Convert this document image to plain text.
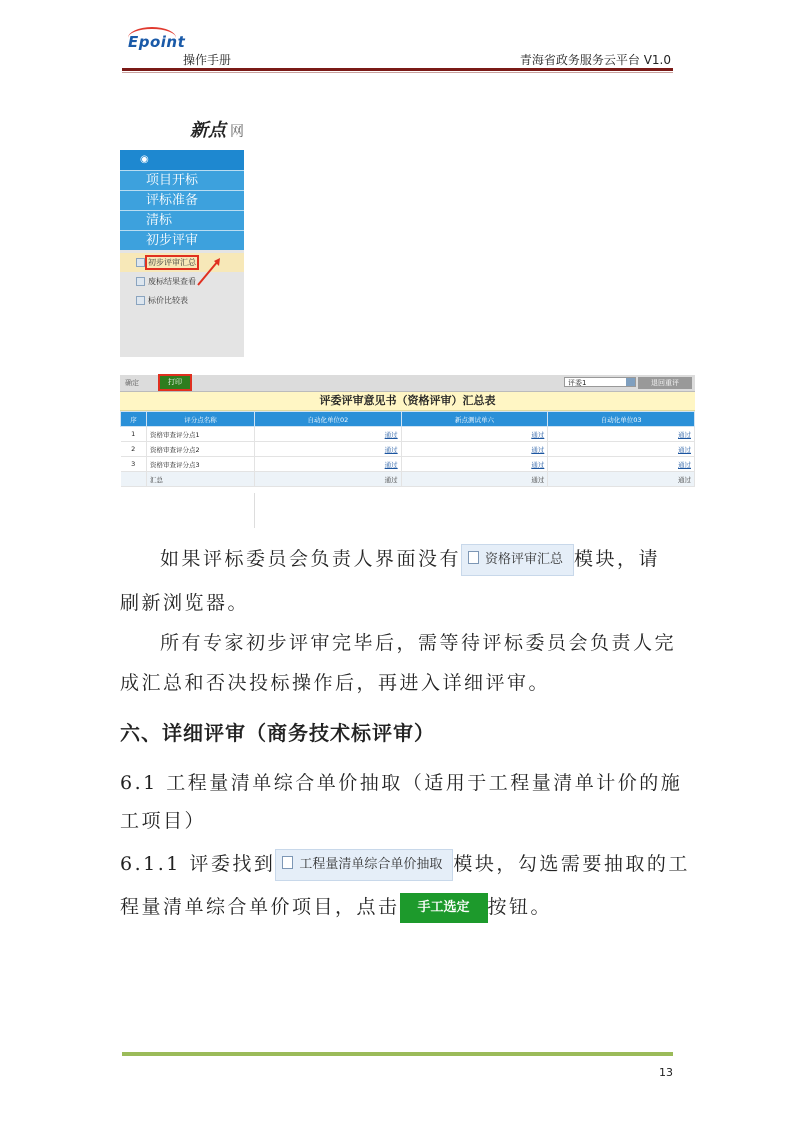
Epoint
操作手册	青海省政务服务云平台 V1.0
新点 网
◉
项目开标
评标准备
清标
初步评审
初步评审汇总
废标结果查看
标价比较表
确定	打印	评委1	退回重评
评委评审意见书（资格评审）汇总表
序	评分点名称	自动化单位02	新点测试单六	自动化单位03
1	资格审查评分点1	通过	通过	通过
2	资格审查评分点2	通过	通过	通过
3	资格审查评分点3	通过	通过	通过
	汇总	通过	通过	通过
如果评标委员会负责人界面没有 资格评审汇总 模块，请
刷新浏览器。
所有专家初步评审完毕后，需等待评标委员会负责人完
成汇总和否决投标操作后，再进入详细评审。
六、详细评审（商务技术标评审）
6.1 工程量清单综合单价抽取（适用于工程量清单计价的施
工项目）
6.1.1 评委找到 工程量清单综合单价抽取 模块，勾选需要抽取的工
程量清单综合单价项目，点击 手工选定 按钮。
13
